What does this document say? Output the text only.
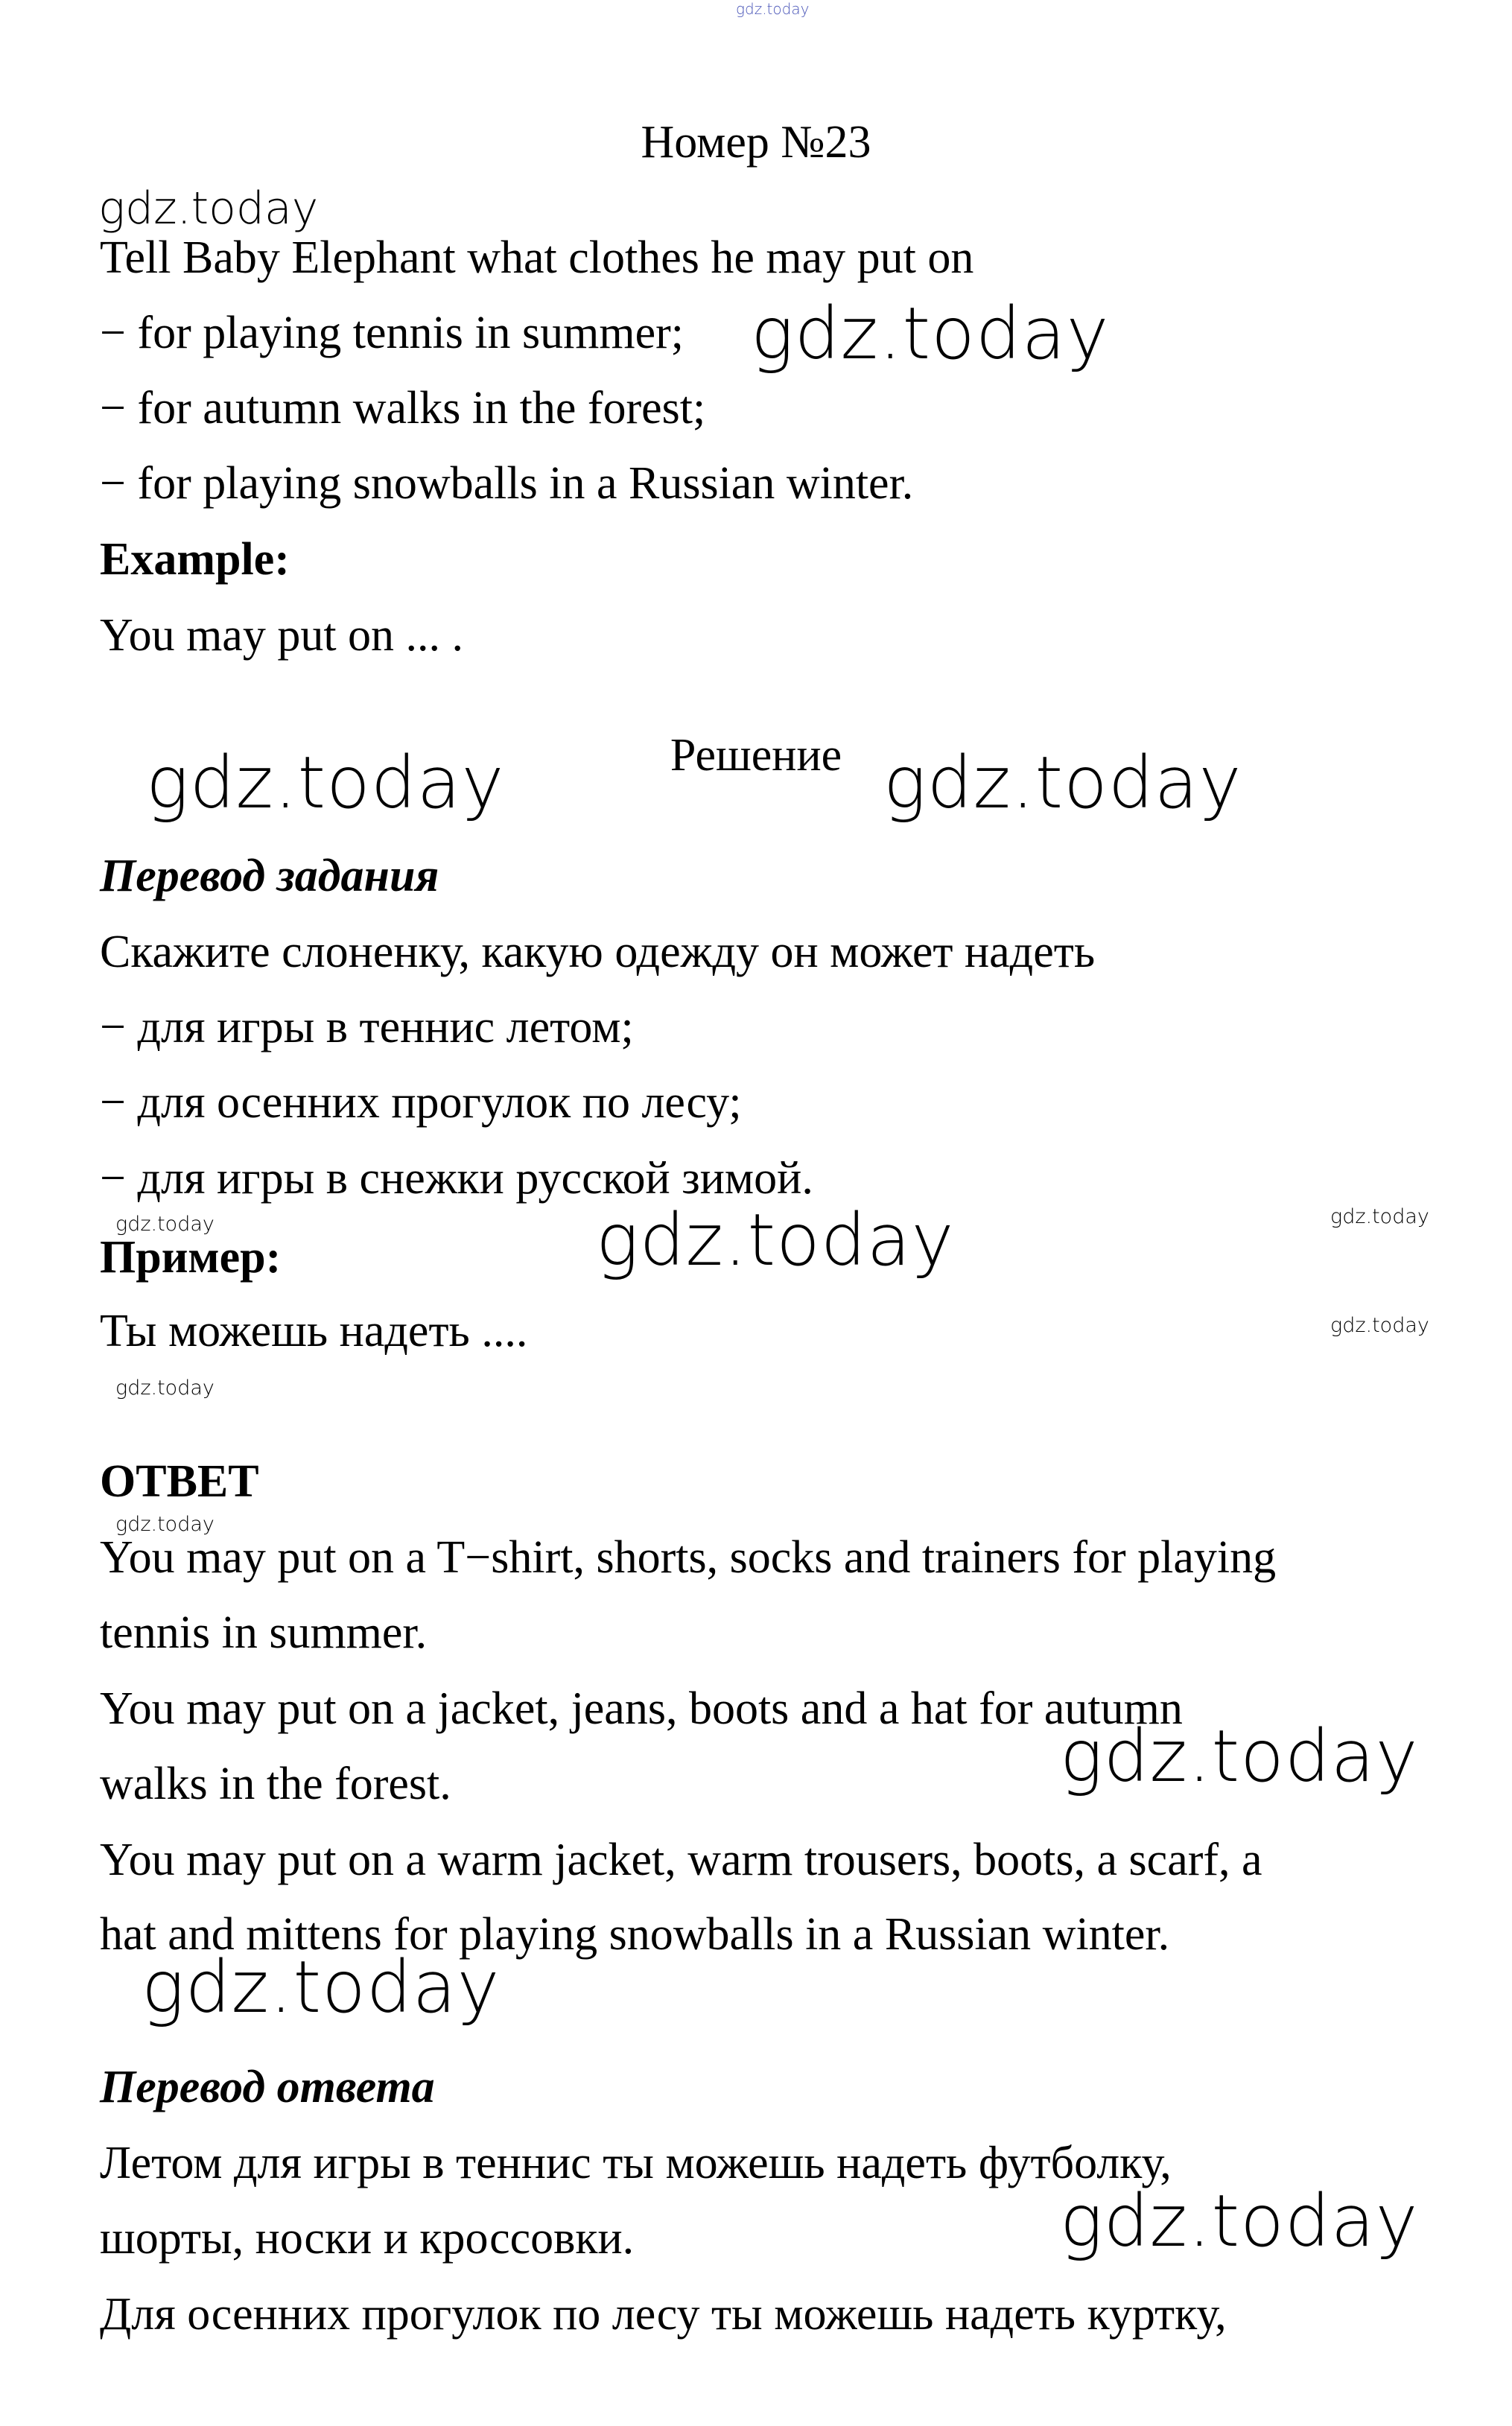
Номер №23
Tell Baby Elephant what clothes he may put on
− for playing tennis in summer;
− for autumn walks in the forest;
− for playing snowballs in a Russian winter.
Example:
You may put on ... .
Решение
Перевод задания
Скажите слоненку, какую одежду он может надеть
− для игры в теннис летом;
− для осенних прогулок по лесу;
− для игры в снежки русской зимой.
Пример:
Ты можешь надеть ....
ОТВЕТ
You may put on a T−shirt, shorts, socks and trainers for playing
tennis in summer.
You may put on a jacket, jeans, boots and a hat for autumn
walks in the forest.
You may put on a warm jacket, warm trousers, boots, a scarf, a
hat and mittens for playing snowballs in a Russian winter.
Перевод ответа
Летом для игры в теннис ты можешь надеть футболку,
шорты, носки и кроссовки.
Для осенних прогулок по лесу ты можешь надеть куртку,
gdz.today
gdz.today
gdz.today
gdz.today	gdz.today
gdz.today	gdz.today	gdz.today
gdz.today
gdz.today
gdz.today
gdz.today
gdz.today
gdz.today
